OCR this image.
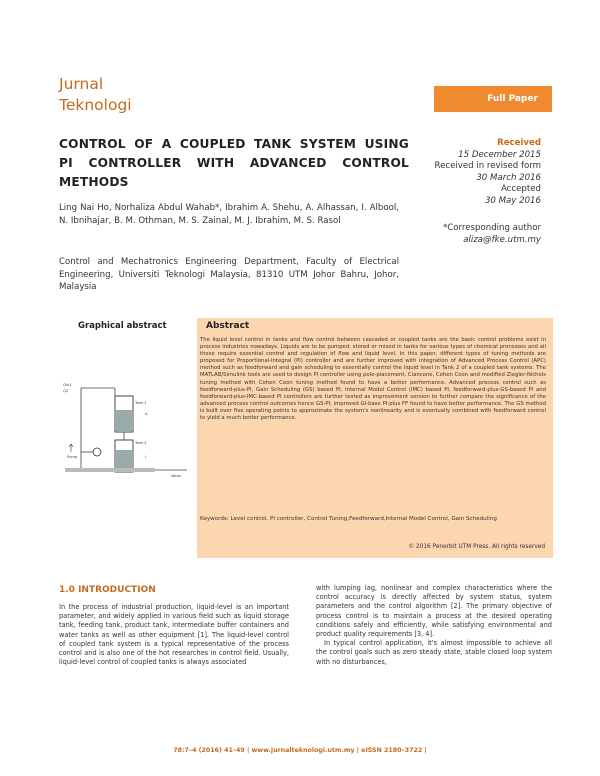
Jurnal
Teknologi	Full Paper
CONTROL OF A COUPLED TANK SYSTEM USING PI CONTROLLER WITH ADVANCED CONTROL METHODS
Received
15 December 2015
Received in revised form
30 March 2016
Accepted
30 May 2016
*Corresponding author
aliza@fke.utm.my
Ling Nai Ho, Norhaliza Abdul Wahab*, Ibrahim A. Shehu, A. Alhassan, I. Albool, N. Ibnihajar, B. M. Othman, M. S. Zainal, M. J. Ibrahim, M. S. Rasol
Control and Mechatronics Engineering Department, Faculty of Electrical Engineering, Universiti Teknologi Malaysia, 81310 UTM Johor Bahru, Johor, Malaysia
Graphical abstract
Qin1
Q2
Tank 1
A
Tank 2
I
Valve
Pump
Abstract
The liquid level control in tanks and flow control between cascaded or coupled tanks are the basic control problems exist in process industries nowadays. Liquids are to be pumped, stored or mixed in tanks for various types of chemical processes and all these require essential control and regulation of flow and liquid level. In this paper, different types of tuning methods are proposed for Proportional-Integral (PI) controller and are further improved with integration of Advanced Process Control (APC) method such as feedforward and gain scheduling to essentially control the liquid level in Tank 2 of a coupled tank systems. The MATLAB/Simulink tools are used to design PI controller using pole-placement, Ciancone, Cohen Coon and modified Ziegler-Nichols tuning method with Cohen Coon tuning method found to have a better performance. Advanced process control such as feedforward-plus-PI, Gain Scheduling (GS) based PI, Internal Model Control (IMC) based PI, feedforward-plus-GS-based PI and feedforward-plus-IMC-based PI controllers are further tested as improvement version to further compare the significance of the advanced process control outcomes hence GS-PI, improved GI-base PI-plus FF found to have better performance. The GS method is built over five operating points to approximate the system's nonlinearity and is eventually combined with feedforward control to yield a much better performance.
Keywords: Level control, PI controller, Control Tuning,Feedforward,Internal Model Control, Gain Scheduling
© 2016 Penerbit UTM Press. All rights reserved
1.0 INTRODUCTION

In the process of industrial production, liquid-level is an important parameter, and widely applied in various field such as liquid storage tank, feeding tank, product tank, intermediate buffer containers and water tanks as well as other equipment [1]. The liquid-level control of coupled tank system is a typical representative of the process control and is also one of the hot researches in control field. Usually, liquid-level control of coupled tanks is always associated

with lumping lag, nonlinear and complex characteristics where the control accuracy is directly affected by system status, system parameters and the control algorithm [2]. The primary objective of process control is to maintain a process at the desired operating conditions safely and efficiently, while satisfying environmental and product quality requirements [3, 4].

In typical control application, it's almost impossible to achieve all the control goals such as zero steady state, stable closed loop system with no disturbances,

78:7–4 (2016) 41–49 | www.jurnalteknologi.utm.my | eISSN 2180–3722 |
